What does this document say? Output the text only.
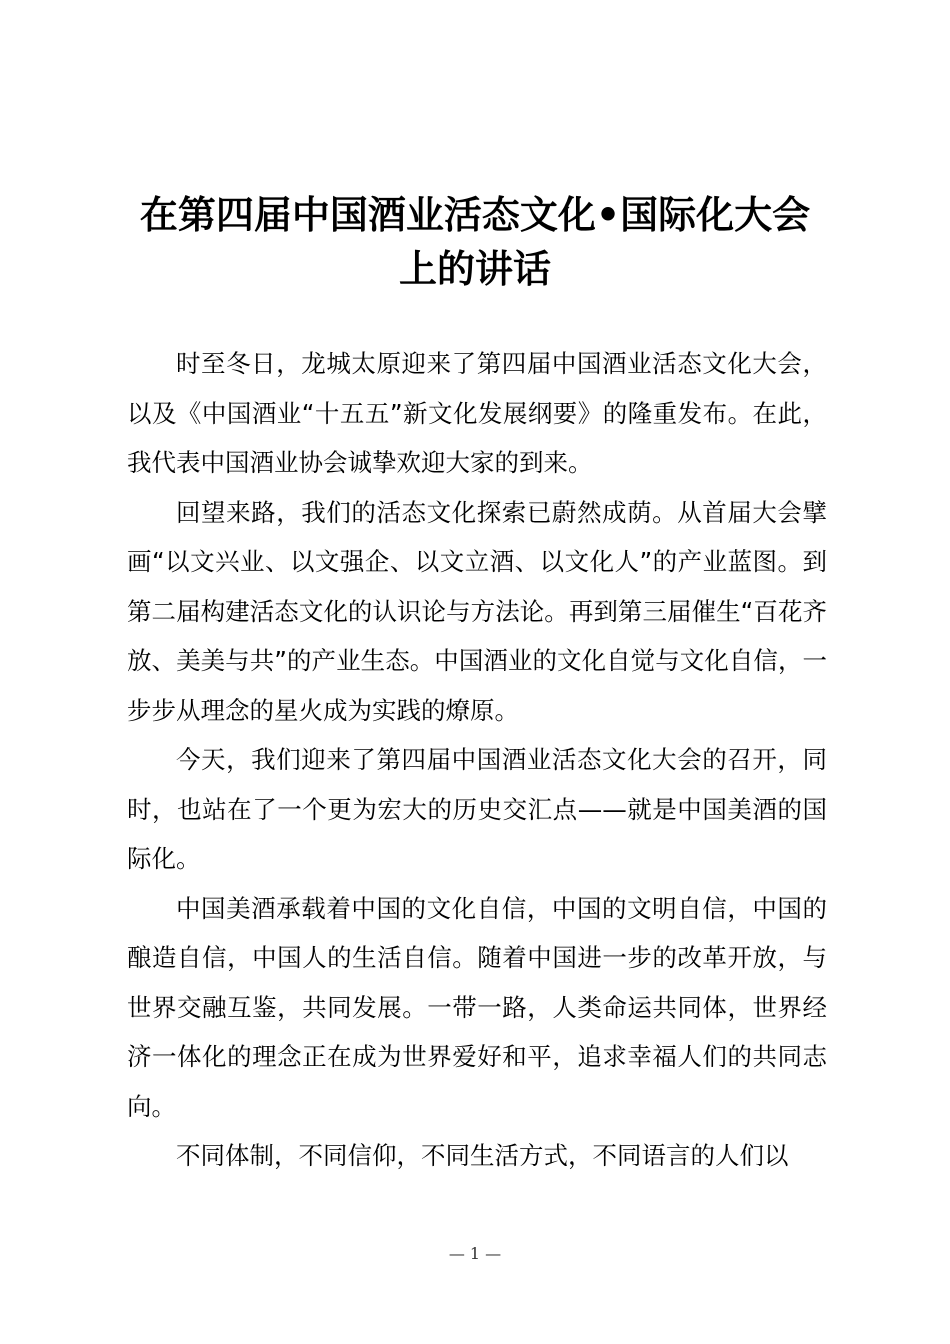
在第四届中国酒业活态文化•国际化大会
上的讲话

时至冬日，龙城太原迎来了第四届中国酒业活态文化大会，以及《中国酒业“十五五”新文化发展纲要》的隆重发布。在此，我代表中国酒业协会诚挚欢迎大家的到来。

回望来路，我们的活态文化探索已蔚然成荫。从首届大会擘画“以文兴业、以文强企、以文立酒、以文化人”的产业蓝图。到第二届构建活态文化的认识论与方法论。再到第三届催生“百花齐放、美美与共”的产业生态。中国酒业的文化自觉与文化自信，一步步从理念的星火成为实践的燎原。

今天，我们迎来了第四届中国酒业活态文化大会的召开，同时，也站在了一个更为宏大的历史交汇点——就是中国美酒的国际化。

中国美酒承载着中国的文化自信，中国的文明自信，中国的酿造自信，中国人的生活自信。随着中国进一步的改革开放，与世界交融互鉴，共同发展。一带一路，人类命运共同体，世界经济一体化的理念正在成为世界爱好和平，追求幸福人们的共同志向。

不同体制，不同信仰，不同生活方式，不同语言的人们以

— 1 —
